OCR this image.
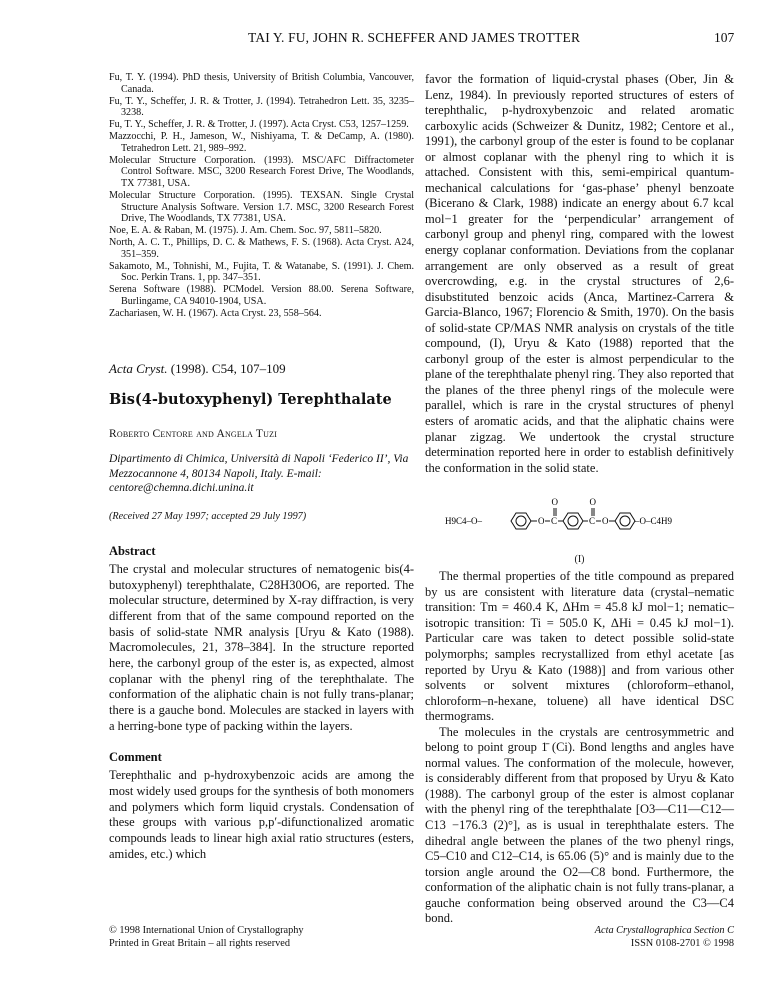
TAI Y. FU, JOHN R. SCHEFFER AND JAMES TROTTER	107
Fu, T. Y. (1994). PhD thesis, University of British Columbia, Vancouver, Canada.
Fu, T. Y., Scheffer, J. R. & Trotter, J. (1994). Tetrahedron Lett. 35, 3235–3238.
Fu, T. Y., Scheffer, J. R. & Trotter, J. (1997). Acta Cryst. C53, 1257–1259.
Mazzocchi, P. H., Jameson, W., Nishiyama, T. & DeCamp, A. (1980). Tetrahedron Lett. 21, 989–992.
Molecular Structure Corporation. (1993). MSC/AFC Diffractometer Control Software. MSC, 3200 Research Forest Drive, The Woodlands, TX 77381, USA.
Molecular Structure Corporation. (1995). TEXSAN. Single Crystal Structure Analysis Software. Version 1.7. MSC, 3200 Research Forest Drive, The Woodlands, TX 77381, USA.
Noe, E. A. & Raban, M. (1975). J. Am. Chem. Soc. 97, 5811–5820.
North, A. C. T., Phillips, D. C. & Mathews, F. S. (1968). Acta Cryst. A24, 351–359.
Sakamoto, M., Tohnishi, M., Fujita, T. & Watanabe, S. (1991). J. Chem. Soc. Perkin Trans. 1, pp. 347–351.
Serena Software (1988). PCModel. Version 88.00. Serena Software, Burlingame, CA 94010-1904, USA.
Zachariasen, W. H. (1967). Acta Cryst. 23, 558–564.
Acta Cryst. (1998). C54, 107–109
Bis(4-butoxyphenyl) Terephthalate
Roberto Centore and Angela Tuzi
Dipartimento di Chimica, Università di Napoli ‘Federico II’, Via Mezzocannone 4, 80134 Napoli, Italy. E-mail: centore@chemna.dichi.unina.it
(Received 27 May 1997; accepted 29 July 1997)
Abstract

The crystal and molecular structures of nematogenic bis(4-butoxyphenyl) terephthalate, C28H30O6, are reported. The molecular structure, determined by X-ray diffraction, is very different from that of the same compound reported on the basis of solid-state NMR analysis [Uryu & Kato (1988). Macromolecules, 21, 378–384]. In the structure reported here, the carbonyl group of the ester is, as expected, almost coplanar with the phenyl ring of the terephthalate. The conformation of the aliphatic chain is not fully trans-planar; there is a gauche bond. Molecules are stacked in layers with a herring-bone type of packing within the layers.

Comment

Terephthalic and p-hydroxybenzoic acids are among the most widely used groups for the synthesis of both monomers and polymers which form liquid crystals. Condensation of these groups with various p,p′-difunctionalized aromatic compounds leads to linear high axial ratio structures (esters, amides, etc.) which

favor the formation of liquid-crystal phases (Ober, Jin & Lenz, 1984). In previously reported structures of esters of terephthalic, p-hydroxybenzoic and related aromatic carboxylic acids (Schweizer & Dunitz, 1982; Centore et al., 1991), the carbonyl group of the ester is found to be coplanar or almost coplanar with the phenyl ring to which it is attached. Consistent with this, semi-empirical quantum-mechanical calculations for ‘gas-phase’ phenyl benzoate (Bicerano & Clark, 1988) indicate an energy about 6.7 kcal mol−1 greater for the ‘perpendicular’ arrangement of carbonyl group and phenyl ring, compared with the lowest energy coplanar conformation. Deviations from the coplanar arrangement are only observed as a result of great overcrowding, e.g. in the crystal structures of 2,6-disubstituted benzoic acids (Anca, Martinez-Carrera & Garcia-Blanco, 1967; Florencio & Smith, 1970). On the basis of solid-state CP/MAS NMR analysis on crystals of the title compound, (I), Uryu & Kato (1988) reported that the carbonyl group of the ester is almost perpendicular to the plane of the terephthalate phenyl ring. They also reported that the planes of the three phenyl rings of the molecule were parallel, which is rare in the crystal structures of phenyl esters of aromatic acids, and that the aliphatic chains were planar zigzag. We undertook the crystal structure determination reported here in order to establish definitively the conformation in the solid state.

H9C4–O–	O C
O
C
O
O	–O–C4H9
(I)

The thermal properties of the title compound as prepared by us are consistent with literature data (crystal–nematic transition: Tm = 460.4 K, ΔHm = 45.8 kJ mol−1; nematic–isotropic transition: Ti = 505.0 K, ΔHi = 0.45 kJ mol−1). Particular care was taken to detect possible solid-state polymorphs; samples recrystallized from ethyl acetate [as reported by Uryu & Kato (1988)] and from various other solvents or solvent mixtures (chloroform–ethanol, chloroform–n-hexane, toluene) all have identical DSC thermograms.

The molecules in the crystals are centrosymmetric and belong to point group 1̄ (Ci). Bond lengths and angles have normal values. The conformation of the molecule, however, is considerably different from that proposed by Uryu & Kato (1988). The carbonyl group of the ester is almost coplanar with the phenyl ring of the terephthalate [O3—C11—C12—C13 −176.3 (2)°], as is usual in terephthalate esters. The dihedral angle between the planes of the two phenyl rings, C5–C10 and C12–C14, is 65.06 (5)° and is mainly due to the torsion angle around the O2—C8 bond. Furthermore, the conformation of the aliphatic chain is not fully trans-planar, a gauche conformation being observed around the C3—C4 bond.

© 1998 International Union of Crystallography
Printed in Great Britain – all rights reserved
Acta Crystallographica Section C
ISSN 0108-2701 © 1998
